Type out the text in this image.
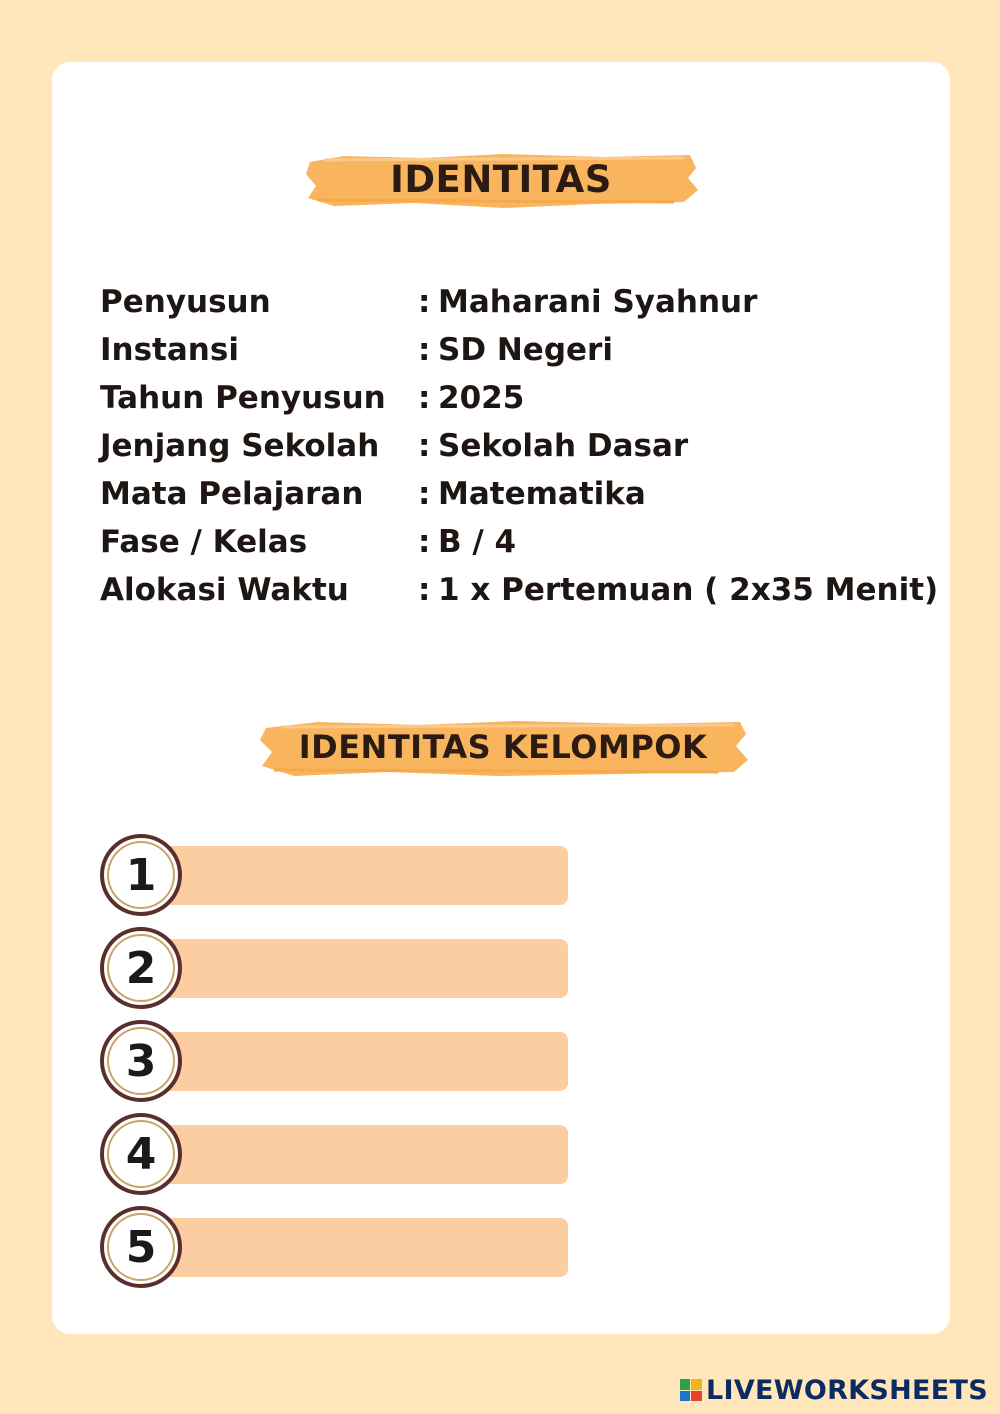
IDENTITAS
Penyusun	: Maharani Syahnur
Instansi	: SD Negeri
Tahun Penyusun : 2025
Jenjang Sekolah : Sekolah Dasar
Mata Pelajaran : Matematika
Fase / Kelas	: B / 4
Alokasi Waktu : 1 x Pertemuan ( 2x35 Menit)
IDENTITAS KELOMPOK
1
2
3
4
5
LIVEWORKSHEETS
